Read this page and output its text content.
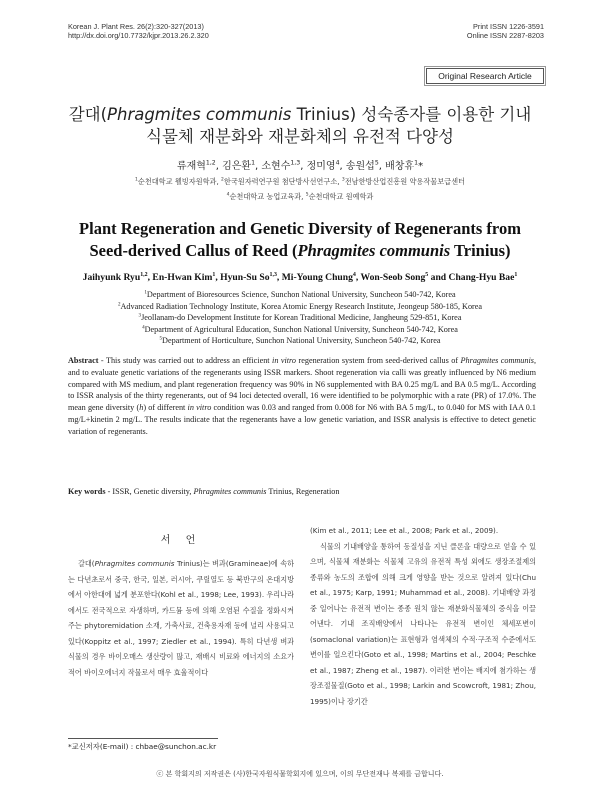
Korean J. Plant Res. 26(2):320-327(2013)
http://dx.doi.org/10.7732/kjpr.2013.26.2.320
Print ISSN 1226-3591
Online ISSN 2287-8203
Original Research Article
갈대(Phragmites communis Trinius) 성숙종자를 이용한 기내
식물체 재분화와 재분화체의 유전적 다양성
류재혁$^{1,2}$, 김은환$^1$, 소현수$^{1,3}$, 정미영$^4$, 송원섭$^5$, 배창휴$^1$*
$^1$순천대학교 웰빙자원학과, $^2$한국원자력연구원 첨단방사선연구소, $^3$전남한방산업진흥원 약용작물보급센터
$^4$순천대학교 농업교육과, $^5$순천대학교 원예학과
Plant Regeneration and Genetic Diversity of Regenerants from
Seed-derived Callus of Reed (Phragmites communis Trinius)
Jaihyunk Ryu$^{1,2}$, En-Hwan Kim$^1$, Hyun-Su So$^{1,3}$, Mi-Young Chung$^4$, Won-Seob Song$^5$ and Chang-Hyu Bae$^1$
$^1$Department of Bioresources Science, Sunchon National University, Suncheon 540-742, Korea
$^2$Advanced Radiation Technology Institute, Korea Atomic Energy Research Institute, Jeongeup 580-185, Korea
$^3$Jeollanam-do Development Institute for Korean Traditional Medicine, Jangheung 529-851, Korea
$^4$Department of Agricultural Education, Sunchon National University, Suncheon 540-742, Korea
$^5$Department of Horticulture, Sunchon National University, Suncheon 540-742, Korea
Abstract - This study was carried out to address an efficient in vitro regeneration system from seed-derived callus of Phragmites communis, and to evaluate genetic variations of the regenerants using ISSR markers. Shoot regeneration via calli was greatly influenced by N6 medium compared with MS medium, and plant regeneration frequency was 90% in N6 supplemented with BA 0.25 mg/L and BA 0.5 mg/L. According to ISSR analysis of the thirty regenerants, out of 94 loci detected overall, 16 were identified to be polymorphic with a rate (PR) of 17.0%. The mean gene diversity (h) of different in vitro condition was 0.03 and ranged from 0.008 for N6 with BA 5 mg/L, to 0.040 for MS with IAA 0.1 mg/L+kinetin 2 mg/L. The results indicate that the regenerants have a low genetic variation, and ISSR analysis is effective to detect genetic variation of regenerants.
Key words - ISSR, Genetic diversity, Phragmites communis Trinius, Regeneration
서 언

갈대(Phragmites communis Trinius)는 벼과(Gramineae)에 속하는 다년초로서 중국, 한국, 일본, 러시아, 쿠릴열도 등 북반구의 온대지방에서 아한대에 넓게 분포한다(Kohl et al., 1998; Lee, 1993). 우리나라에서도 전국적으로 자생하며, 카드뮴 등에 의해 오염된 수질을 정화시켜주는 phytoremidation 소재, 가축사료, 건축용자재 등에 널리 사용되고 있다(Koppitz et al., 1997; Ziedler et al., 1994). 특히 다년생 벼과 식물의 경우 바이오매스 생산량이 많고, 재배시 비료와 에너지의 소요가 적어 바이오에너지 작물로서 매우 효율적이다

(Kim et al., 2011; Lee et al., 2008; Park et al., 2009).

식물의 기내배양을 통하여 동질성을 지닌 클론을 대량으로 얻을 수 있으며, 식물체 재분화는 식물체 고유의 유전적 특성 외에도 생장조절제의 종류와 농도의 조합에 의해 크게 영향을 받는 것으로 알려져 있다(Chu et al., 1975; Karp, 1991; Muhammad et al., 2008). 기내배양 과정 중 일어나는 유전적 변이는 종종 원치 않는 재분화식물체의 증식을 이끌어낸다. 기내 조직배양에서 나타나는 유전적 변이인 체세포변이(somaclonal variation)는 표현형과 염색체의 수적·구조적 수준에서도 변이를 일으킨다(Goto et al., 1998; Martins et al., 2004; Peschke et al., 1987; Zheng et al., 1987). 이러한 변이는 배지에 첨가하는 생장조절물질(Goto et al., 1998; Larkin and Scowcroft, 1981; Zhou, 1995)이나 장기간

*교신저자(E-mail) : chbae@sunchon.ac.kr
ⓒ 본 학회지의 저작권은 (사)한국자원식물학회지에 있으며, 이의 무단전재나 복제를 금합니다.
